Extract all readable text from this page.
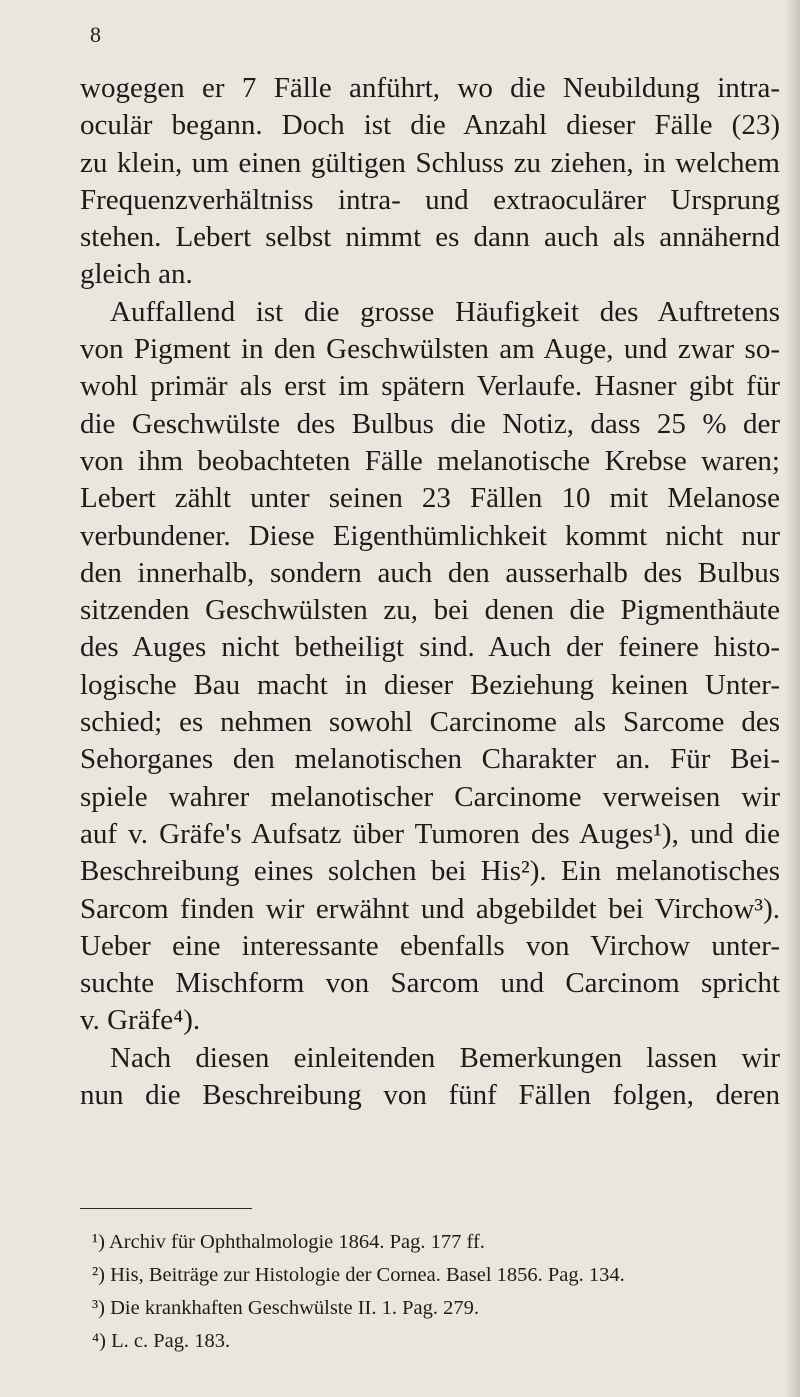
8
wogegen er 7 Fälle anführt, wo die Neubildung intra-
oculär begann. Doch ist die Anzahl dieser Fälle (23)
zu klein, um einen gültigen Schluss zu ziehen, in welchem
Frequenzverhältniss intra- und extraoculärer Ursprung
stehen. Lebert selbst nimmt es dann auch als annähernd
gleich an.
Auffallend ist die grosse Häufigkeit des Auftretens
von Pigment in den Geschwülsten am Auge, und zwar so-
wohl primär als erst im spätern Verlaufe. Hasner gibt für
die Geschwülste des Bulbus die Notiz, dass 25 % der
von ihm beobachteten Fälle melanotische Krebse waren;
Lebert zählt unter seinen 23 Fällen 10 mit Melanose
verbundener. Diese Eigenthümlichkeit kommt nicht nur
den innerhalb, sondern auch den ausserhalb des Bulbus
sitzenden Geschwülsten zu, bei denen die Pigmenthäute
des Auges nicht betheiligt sind. Auch der feinere histo-
logische Bau macht in dieser Beziehung keinen Unter-
schied; es nehmen sowohl Carcinome als Sarcome des
Sehorganes den melanotischen Charakter an. Für Bei-
spiele wahrer melanotischer Carcinome verweisen wir
auf v. Gräfe's Aufsatz über Tumoren des Auges¹), und die
Beschreibung eines solchen bei His²). Ein melanotisches
Sarcom finden wir erwähnt und abgebildet bei Virchow³).
Ueber eine interessante ebenfalls von Virchow unter-
suchte Mischform von Sarcom und Carcinom spricht
v. Gräfe⁴).
Nach diesen einleitenden Bemerkungen lassen wir
nun die Beschreibung von fünf Fällen folgen, deren
¹) Archiv für Ophthalmologie 1864. Pag. 177 ff.
²) His, Beiträge zur Histologie der Cornea. Basel 1856. Pag. 134.
³) Die krankhaften Geschwülste II. 1. Pag. 279.
⁴) L. c. Pag. 183.
